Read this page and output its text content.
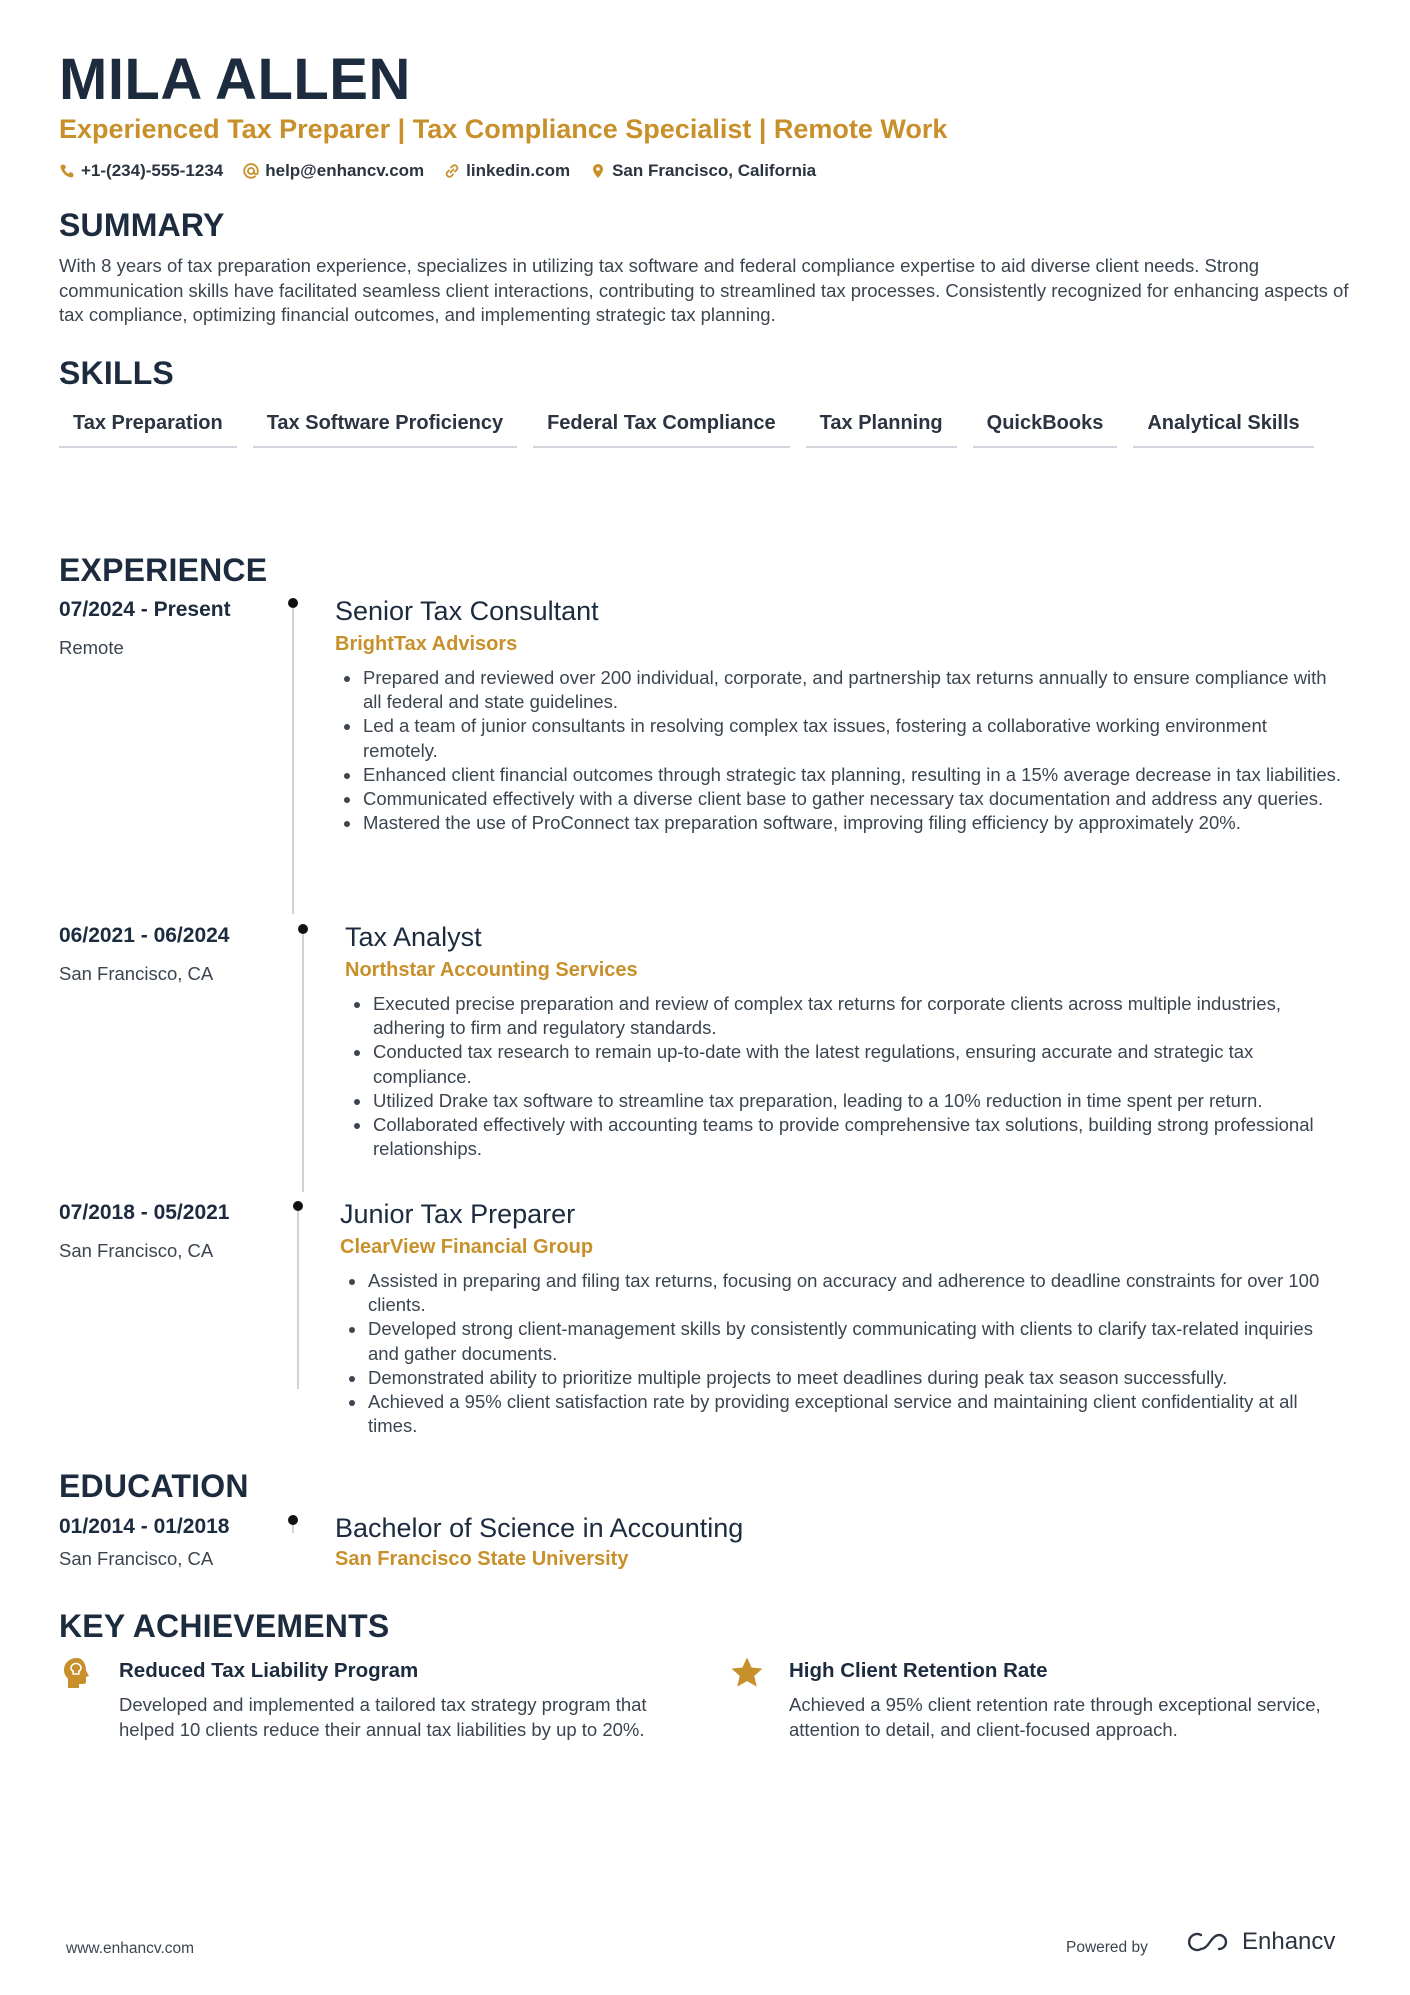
MILA ALLEN
Experienced Tax Preparer | Tax Compliance Specialist | Remote Work
+1-(234)-555-1234 help@enhancv.com linkedin.com San Francisco, California
SUMMARY
With 8 years of tax preparation experience, specializes in utilizing tax software and federal compliance expertise to aid diverse client needs. Strong communication skills have facilitated seamless client interactions, contributing to streamlined tax processes. Consistently recognized for enhancing aspects of tax compliance, optimizing financial outcomes, and implementing strategic tax planning.
SKILLS
Tax Preparation	Tax Software Proficiency	Federal Tax Compliance	Tax Planning	QuickBooks	Analytical Skills
EXPERIENCE
07/2024 - Present
Remote
Senior Tax Consultant
BrightTax Advisors
Prepared and reviewed over 200 individual, corporate, and partnership tax returns annually to ensure compliance with all federal and state guidelines.
Led a team of junior consultants in resolving complex tax issues, fostering a collaborative working environment remotely.
Enhanced client financial outcomes through strategic tax planning, resulting in a 15% average decrease in tax liabilities.
Communicated effectively with a diverse client base to gather necessary tax documentation and address any queries.
Mastered the use of ProConnect tax preparation software, improving filing efficiency by approximately 20%.
06/2021 - 06/2024
San Francisco, CA
Tax Analyst
Northstar Accounting Services
Executed precise preparation and review of complex tax returns for corporate clients across multiple industries, adhering to firm and regulatory standards.
Conducted tax research to remain up-to-date with the latest regulations, ensuring accurate and strategic tax compliance.
Utilized Drake tax software to streamline tax preparation, leading to a 10% reduction in time spent per return.
Collaborated effectively with accounting teams to provide comprehensive tax solutions, building strong professional relationships.
07/2018 - 05/2021
San Francisco, CA
Junior Tax Preparer
ClearView Financial Group
Assisted in preparing and filing tax returns, focusing on accuracy and adherence to deadline constraints for over 100 clients.
Developed strong client-management skills by consistently communicating with clients to clarify tax-related inquiries and gather documents.
Demonstrated ability to prioritize multiple projects to meet deadlines during peak tax season successfully.
Achieved a 95% client satisfaction rate by providing exceptional service and maintaining client confidentiality at all times.
EDUCATION
01/2014 - 01/2018
San Francisco, CA
Bachelor of Science in Accounting
San Francisco State University
KEY ACHIEVEMENTS
Reduced Tax Liability Program
Developed and implemented a tailored tax strategy program that helped 10 clients reduce their annual tax liabilities by up to 20%.
High Client Retention Rate
Achieved a 95% client retention rate through exceptional service, attention to detail, and client-focused approach.
www.enhancv.com	Powered by	Enhancv
